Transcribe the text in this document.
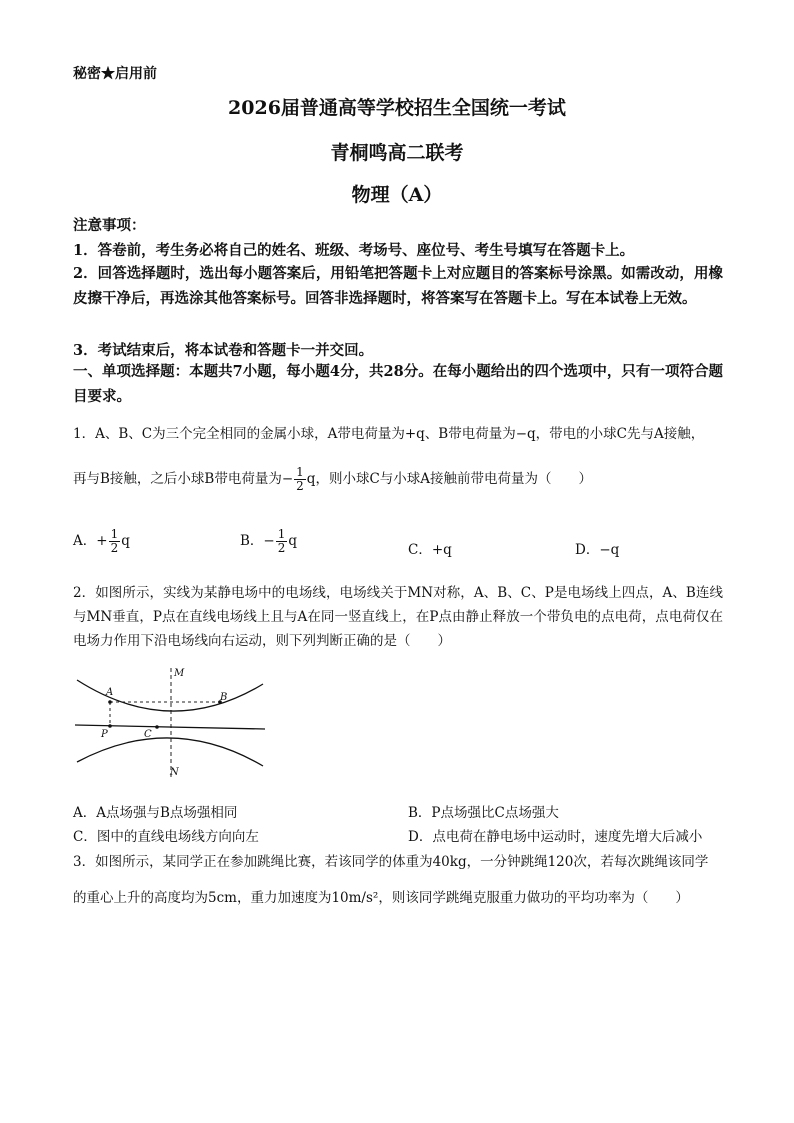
秘密★启用前
2026届普通高等学校招生全国统一考试
青桐鸣高二联考
物理（A）
注意事项：
1．答卷前，考生务必将自己的姓名、班级、考场号、座位号、考生号填写在答题卡上。
2．回答选择题时，选出每小题答案后，用铅笔把答题卡上对应题目的答案标号涂黑。如需改动，用橡皮擦干净后，再选涂其他答案标号。回答非选择题时，将答案写在答题卡上。写在本试卷上无效。
3．考试结束后，将本试卷和答题卡一并交回。
一、单项选择题：本题共7小题，每小题4分，共28分。在每小题给出的四个选项中，只有一项符合题目要求。
1．A、B、C为三个完全相同的金属小球，A带电荷量为+q、B带电荷量为−q，带电的小球C先与A接触，
再与B接触，之后小球B带电荷量为− $\frac{1}{2}$ q，则小球C与小球A接触前带电荷量为（　　）
A．+ $\frac{1}{2}$ q	B．− $\frac{1}{2}$ q
C．+q	D．−q
2．如图所示，实线为某静电场中的电场线，电场线关于MN对称，A、B、C、P是电场线上四点，A、B连线与MN垂直，P点在直线电场线上且与A在同一竖直线上，在P点由静止释放一个带负电的点电荷，点电荷仅在电场力作用下沿电场线向右运动，则下列判断正确的是（　　）
M
N
A	B
P	C
A．A点场强与B点场强相同	B．P点场强比C点场强大
C．图中的直线电场线方向向左	D．点电荷在静电场中运动时，速度先增大后减小
3．如图所示，某同学正在参加跳绳比赛，若该同学的体重为40kg，一分钟跳绳120次，若每次跳绳该同学
的重心上升的高度均为5cm，重力加速度为10m/s²，则该同学跳绳克服重力做功的平均功率为（　　）
